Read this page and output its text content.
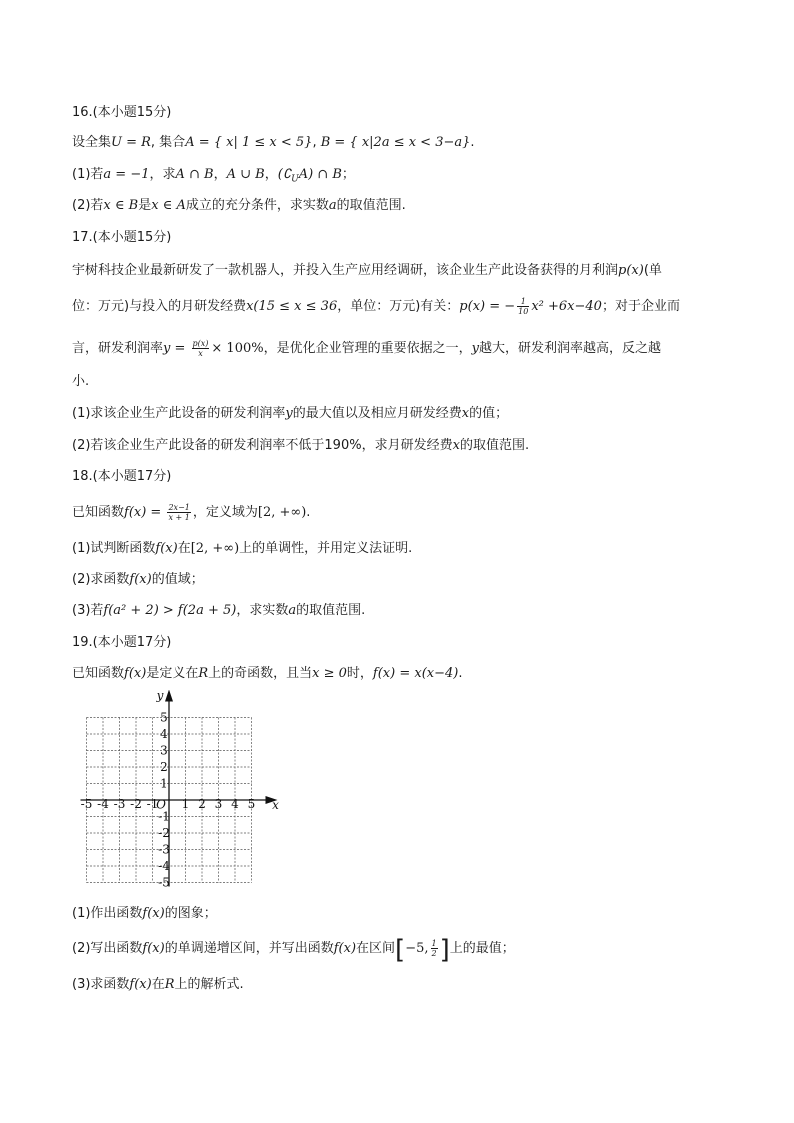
16.(本小题15分)
设全集U = R, 集合A = { x| 1 ≤ x < 5}, B = { x|2a ≤ x < 3−a}.
(1)若a = −1，求A ∩ B，A ∪ B，$(∁_UA)$ ∩ B；
(2)若x ∈ B是x ∈ A成立的充分条件，求实数a的取值范围.
17.(本小题15分)
宇树科技企业最新研发了一款机器人，并投入生产应用经调研，该企业生产此设备获得的月利润p(x)(单
位：万元)与投入的月研发经费x(15 ≤ x ≤ 36，单位：万元)有关：p(x) = − $\frac{1}{10} x^2 +6x-40$；对于企业而
言，研发利润率$y = \frac{p(x)}{x} \times 100\%$，是优化企业管理的重要依据之一，y越大，研发利润率越高，反之越
小.
(1)求该企业生产此设备的研发利润率y的最大值以及相应月研发经费x的值；
(2)若该企业生产此设备的研发利润率不低于190%，求月研发经费x的取值范围.
18.(本小题17分)
已知函数$f(x) = \frac{2x-1}{x + 1}$ ，定义域为[2, +∞).
(1)试判断函数f(x)在[2, +∞)上的单调性，并用定义法证明.
(2)求函数f(x)的值域；
(3)若f(a² + 2) > f(2a + 5)，求实数a的取值范围.
19.(本小题17分)
已知函数f(x)是定义在R上的奇函数，且当x ≥ 0时，f(x) = x(x−4).
-5 -4 -3 -2 -1 1 2 3 4 5
5
4
3
2
1
-1
-2
-3
-4
-5
O	x
y
(1)作出函数f(x)的图象；
(2)写出函数f(x)的单调递增区间，并写出函数f(x)在区间[−5, $\frac{1}{2}$ ]上的最值；
(3)求函数f(x)在R上的解析式.
